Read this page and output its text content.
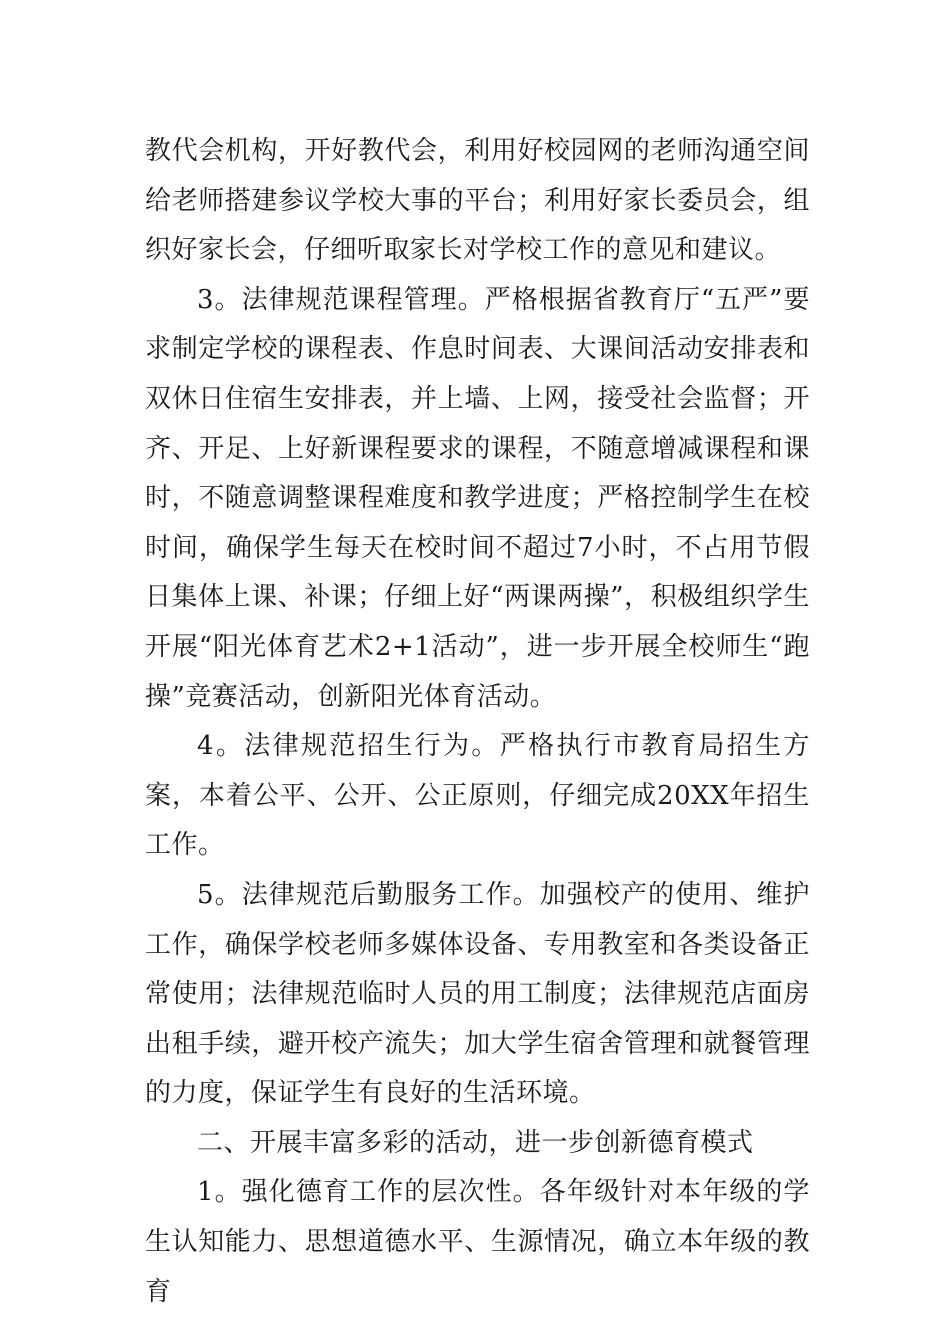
教代会机构，开好教代会，利用好校园网的老师沟通空间给老师搭建参议学校大事的平台；利用好家长委员会，组织好家长会，仔细听取家长对学校工作的意见和建议。

3。法律规范课程管理。严格根据省教育厅“五严”要求制定学校的课程表、作息时间表、大课间活动安排表和双休日住宿生安排表，并上墙、上网，接受社会监督；开齐、开足、上好新课程要求的课程，不随意增减课程和课时，不随意调整课程难度和教学进度；严格控制学生在校时间，确保学生每天在校时间不超过7小时，不占用节假日集体上课、补课；仔细上好“两课两操”，积极组织学生开展“阳光体育艺术2+1活动”，进一步开展全校师生“跑操”竞赛活动，创新阳光体育活动。

4。法律规范招生行为。严格执行市教育局招生方案，本着公平、公开、公正原则，仔细完成20XX年招生工作。

5。法律规范后勤服务工作。加强校产的使用、维护工作，确保学校老师多媒体设备、专用教室和各类设备正常使用；法律规范临时人员的用工制度；法律规范店面房出租手续，避开校产流失；加大学生宿舍管理和就餐管理的力度，保证学生有良好的生活环境。

二、开展丰富多彩的活动，进一步创新德育模式

1。强化德育工作的层次性。各年级针对本年级的学生认知能力、思想道德水平、生源情况，确立本年级的教育
